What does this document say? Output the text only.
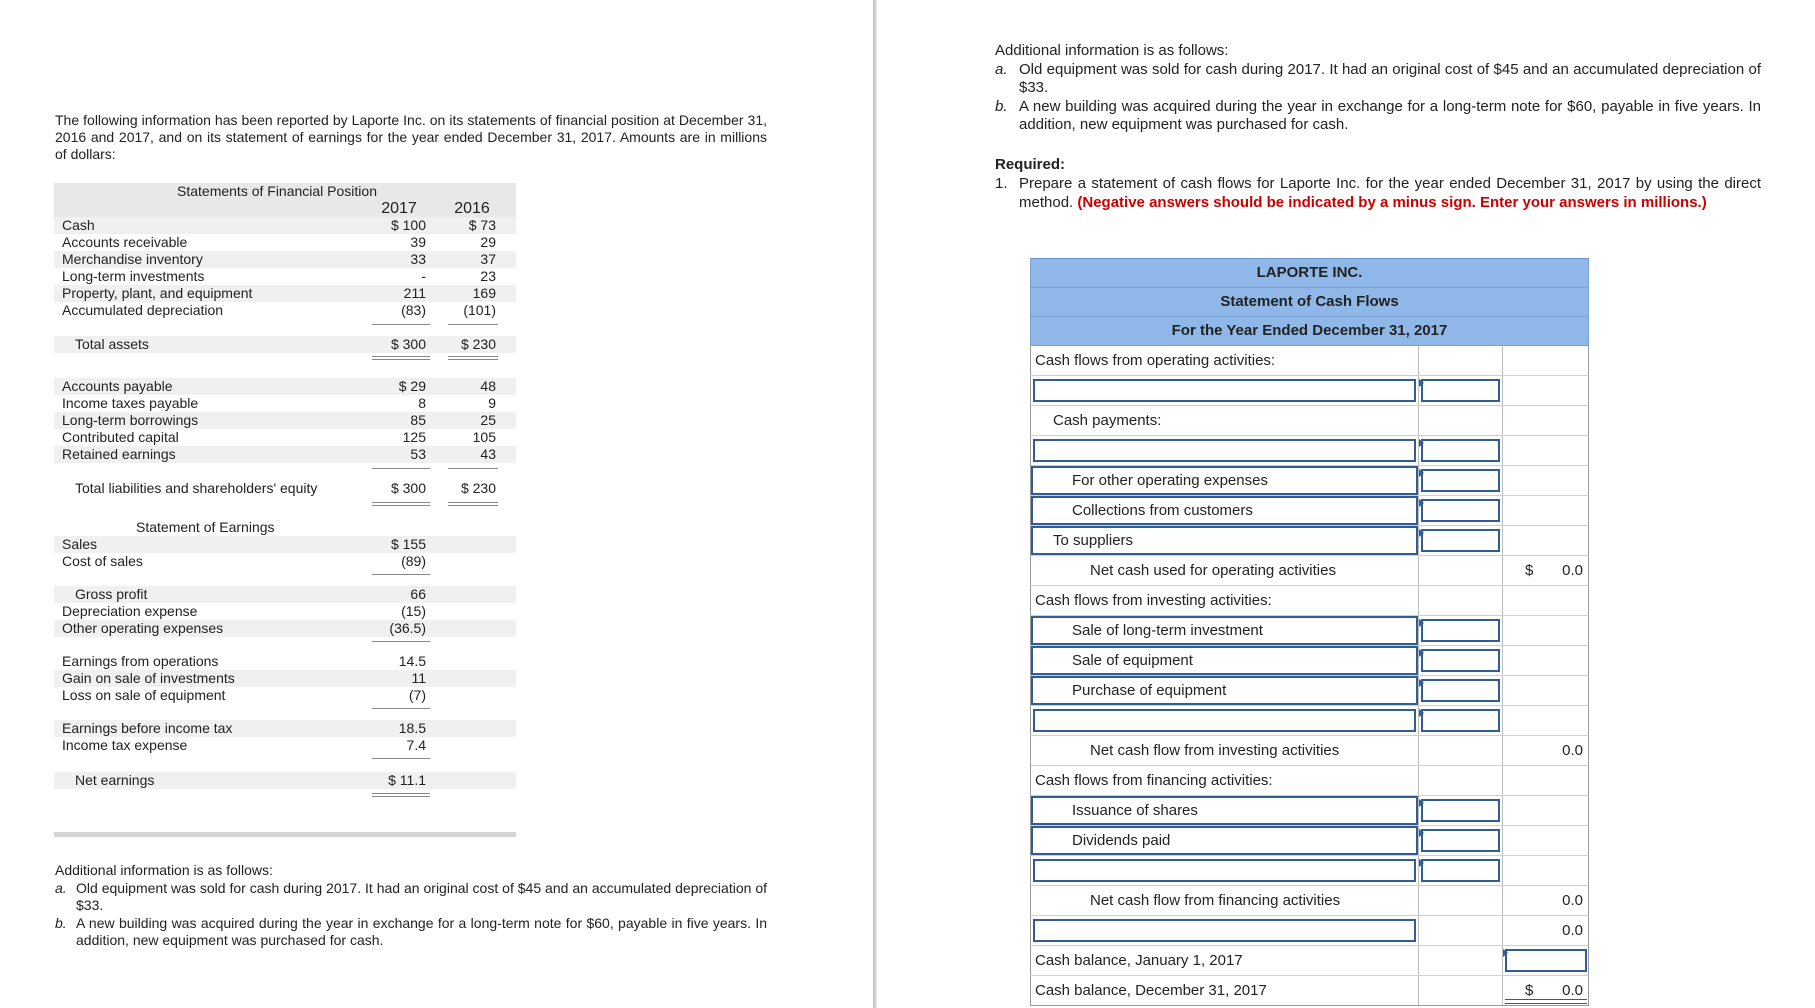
The following information has been reported by Laporte Inc. on its statements of financial position at December 31, 2016 and 2017, and on its statement of earnings for the year ended December 31, 2017. Amounts are in millions of dollars:
Statements of Financial Position
2017	2016
Cash	$ 100	$ 73
Accounts receivable	39	29
Merchandise inventory	33	37
Long-term investments	-	23
Property, plant, and equipment	211	169
Accumulated depreciation	(83)	(101)
Total assets	$ 300	$ 230
Accounts payable	$ 29	48
Income taxes payable	8	9
Long-term borrowings	85	25
Contributed capital	125	105
Retained earnings	53	43
Total liabilities and shareholders' equity	$ 300	$ 230
Statement of Earnings
Sales	$ 155
Cost of sales	(89)
Gross profit	66
Depreciation expense	(15)
Other operating expenses	(36.5)
Earnings from operations	14.5
Gain on sale of investments	11
Loss on sale of equipment	(7)
Earnings before income tax	18.5
Income tax expense	7.4
Net earnings	$ 11.1
Additional information is as follows:
a. Old equipment was sold for cash during 2017. It had an original cost of $45 and an accumulated depreciation of $33.
b. A new building was acquired during the year in exchange for a long-term note for $60, payable in five years. In addition, new equipment was purchased for cash.
Additional information is as follows:
a. Old equipment was sold for cash during 2017. It had an original cost of $45 and an accumulated depreciation of $33.
b. A new building was acquired during the year in exchange for a long-term note for $60, payable in five years. In addition, new equipment was purchased for cash.
Required:
1. Prepare a statement of cash flows for Laporte Inc. for the year ended December 31, 2017 by using the direct method. (Negative answers should be indicated by a minus sign. Enter your answers in millions.)
LAPORTE INC.
Statement of Cash Flows
For the Year Ended December 31, 2017
Cash flows from operating activities:
Cash payments:
For other operating expenses
Collections from customers
To suppliers
Net cash used for operating activities	$ 0.0
Cash flows from investing activities:
Sale of long-term investment
Sale of equipment
Purchase of equipment
Net cash flow from investing activities	0.0
Cash flows from financing activities:
Issuance of shares
Dividends paid
Net cash flow from financing activities	0.0
0.0
Cash balance, January 1, 2017
Cash balance, December 31, 2017	$ 0.0
